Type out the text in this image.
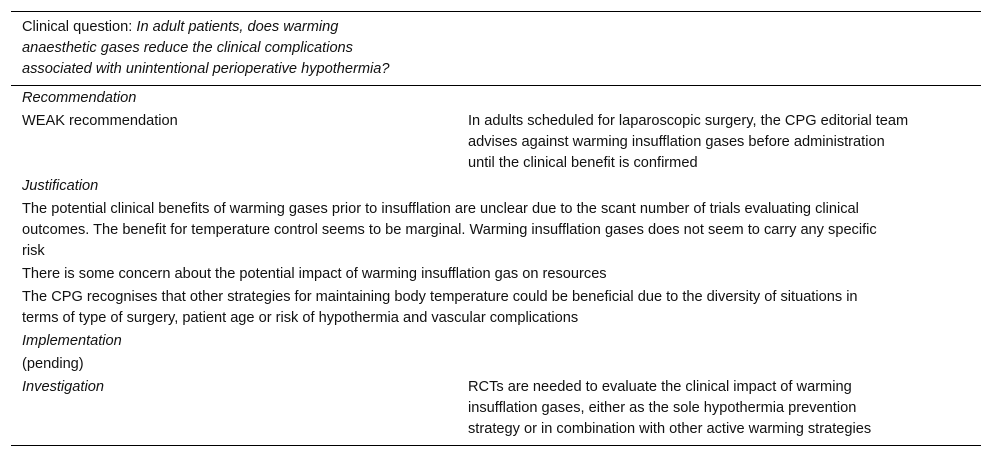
Clinical question: In adult patients, does warming
anaesthetic gases reduce the clinical complications
associated with unintentional perioperative hypothermia?
Recommendation
WEAK recommendation	In adults scheduled for laparoscopic surgery, the CPG editorial team
advises against warming insufflation gases before administration
until the clinical benefit is confirmed
Justification
The potential clinical benefits of warming gases prior to insufflation are unclear due to the scant number of trials evaluating clinical
outcomes. The benefit for temperature control seems to be marginal. Warming insufflation gases does not seem to carry any specific
risk
There is some concern about the potential impact of warming insufflation gas on resources
The CPG recognises that other strategies for maintaining body temperature could be beneficial due to the diversity of situations in
terms of type of surgery, patient age or risk of hypothermia and vascular complications
Implementation
(pending)
Investigation	RCTs are needed to evaluate the clinical impact of warming
insufflation gases, either as the sole hypothermia prevention
strategy or in combination with other active warming strategies
